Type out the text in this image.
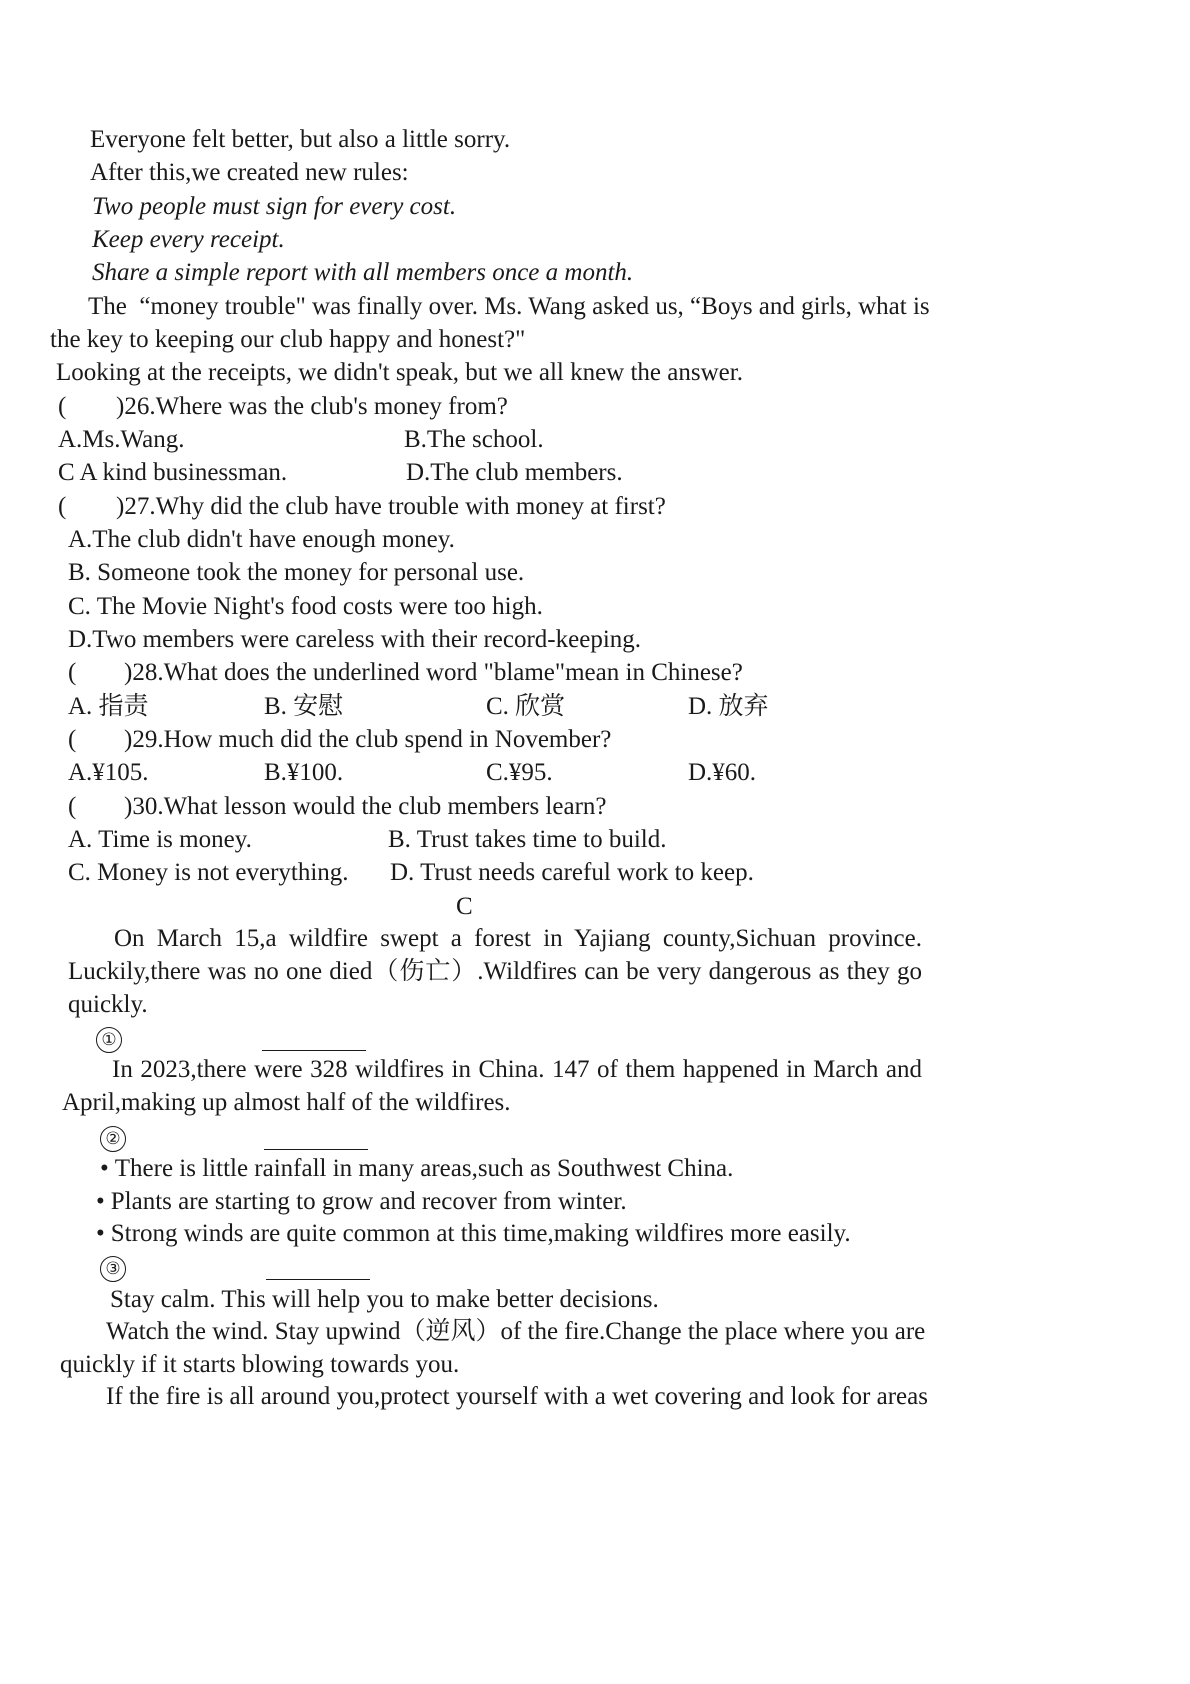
Everyone felt better, but also a little sorry.
After this,we created new rules:
Two people must sign for every cost.
Keep every receipt.
Share a simple report with all members once a month.
The  “money trouble" was finally over. Ms. Wang asked us, “Boys and girls, what is
the key to keeping our club happy and honest?"
Looking at the receipts, we didn't speak, but we all knew the answer.
( )26.Where was the club's money from?
A.Ms.Wang.	B.The school.
C A kind businessman.	D.The club members.
( )27.Why did the club have trouble with money at first?
A.The club didn't have enough money.
B. Someone took the money for personal use.
C. The Movie Night's food costs were too high.
D.Two members were careless with their record-keeping.
( )28.What does the underlined word "blame"mean in Chinese?
A. 指责	B. 安慰	C. 欣赏	D. 放弃
( )29.How much did the club spend in November?
A.¥105.	B.¥100.	C.¥95.	D.¥60.
( )30.What lesson would the club members learn?
A. Time is money.	B. Trust takes time to build.
C. Money is not everything. D. Trust needs careful work to keep.
C
On March 15,a wildfire swept a forest in Yajiang county,Sichuan province.
Luckily,there was no one died（伤亡）.Wildfires can be very dangerous as they go
quickly.
①
In 2023,there were 328 wildfires in China. 147 of them happened in March and
April,making up almost half of the wildfires.
②
• There is little rainfall in many areas,such as Southwest China.
• Plants are starting to grow and recover from winter.
• Strong winds are quite common at this time,making wildfires more easily.
③
Stay calm. This will help you to make better decisions.
Watch the wind. Stay upwind（逆风）of the fire.Change the place where you are
quickly if it starts blowing towards you.
If the fire is all around you,protect yourself with a wet covering and look for areas
